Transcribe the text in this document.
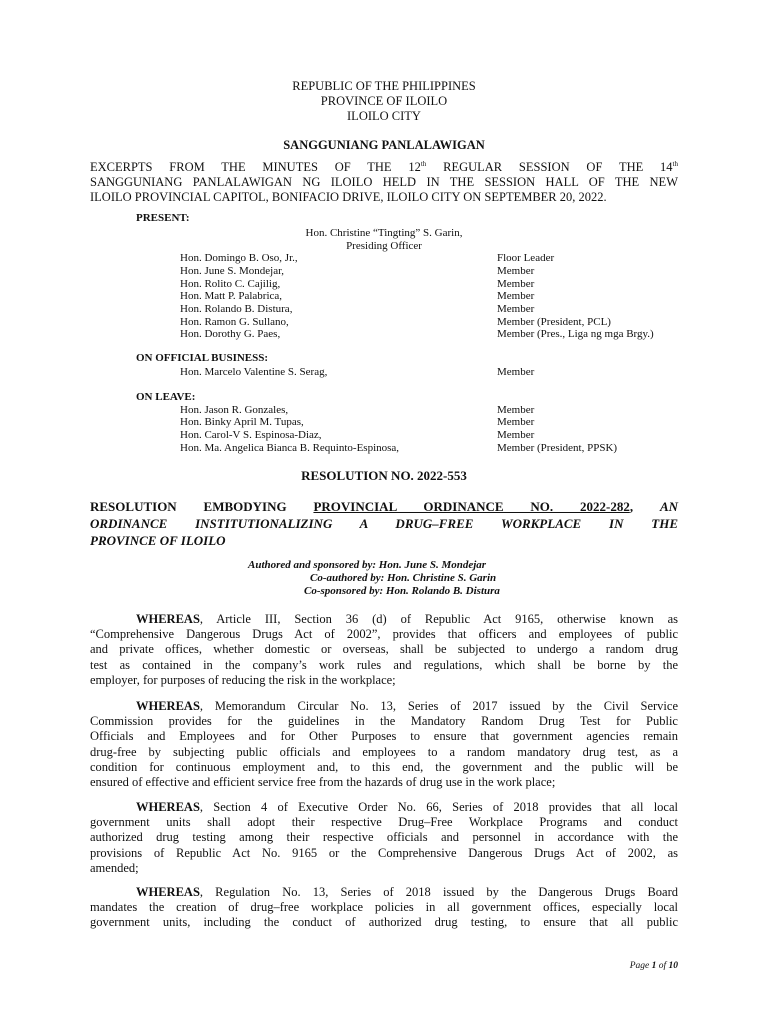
REPUBLIC OF THE PHILIPPINES
PROVINCE OF ILOILO
ILOILO CITY
SANGGUNIANG PANLALAWIGAN
EXCERPTS FROM THE MINUTES OF THE 12th REGULAR SESSION OF THE 14th
SANGGUNIANG PANLALAWIGAN NG ILOILO HELD IN THE SESSION HALL OF THE NEW
ILOILO PROVINCIAL CAPITOL, BONIFACIO DRIVE, ILOILO CITY ON SEPTEMBER 20, 2022.
PRESENT:
Hon. Christine “Tingting” S. Garin,
Presiding Officer
Hon. Domingo B. Oso, Jr.,	Floor Leader
Hon. June S. Mondejar,	Member
Hon. Rolito C. Cajilig,	Member
Hon. Matt P. Palabrica,	Member
Hon. Rolando B. Distura,	Member
Hon. Ramon G. Sullano,	Member (President, PCL)
Hon. Dorothy G. Paes,	Member (Pres., Liga ng mga Brgy.)
ON OFFICIAL BUSINESS:
Hon. Marcelo Valentine S. Serag,	Member
ON LEAVE:
Hon. Jason R. Gonzales,	Member
Hon. Binky April M. Tupas,	Member
Hon. Carol-V S. Espinosa-Diaz,	Member
Hon. Ma. Angelica Bianca B. Requinto-Espinosa,	Member (President, PPSK)
RESOLUTION NO. 2022-553
RESOLUTION EMBODYING PROVINCIAL ORDINANCE NO. 2022-282, AN
ORDINANCE INSTITUTIONALIZING A DRUG–FREE WORKPLACE IN THE
PROVINCE OF ILOILO
Authored and sponsored by: Hon. June S. Mondejar
Co-authored by: Hon. Christine S. Garin
Co-sponsored by: Hon. Rolando B. Distura
WHEREAS, Article III, Section 36 (d) of Republic Act 9165, otherwise known as
“Comprehensive Dangerous Drugs Act of 2002”, provides that officers and employees of public
and private offices, whether domestic or overseas, shall be subjected to undergo a random drug
test as contained in the company’s work rules and regulations, which shall be borne by the
employer, for purposes of reducing the risk in the workplace;
WHEREAS, Memorandum Circular No. 13, Series of 2017 issued by the Civil Service
Commission provides for the guidelines in the Mandatory Random Drug Test for Public
Officials and Employees and for Other Purposes to ensure that government agencies remain
drug-free by subjecting public officials and employees to a random mandatory drug test, as a
condition for continuous employment and, to this end, the government and the public will be
ensured of effective and efficient service free from the hazards of drug use in the work place;
WHEREAS, Section 4 of Executive Order No. 66, Series of 2018 provides that all local
government units shall adopt their respective Drug–Free Workplace Programs and conduct
authorized drug testing among their respective officials and personnel in accordance with the
provisions of Republic Act No. 9165 or the Comprehensive Dangerous Drugs Act of 2002, as
amended;
WHEREAS, Regulation No. 13, Series of 2018 issued by the Dangerous Drugs Board
mandates the creation of drug–free workplace policies in all government offices, especially local
government units, including the conduct of authorized drug testing, to ensure that all public
Page 1 of 10
